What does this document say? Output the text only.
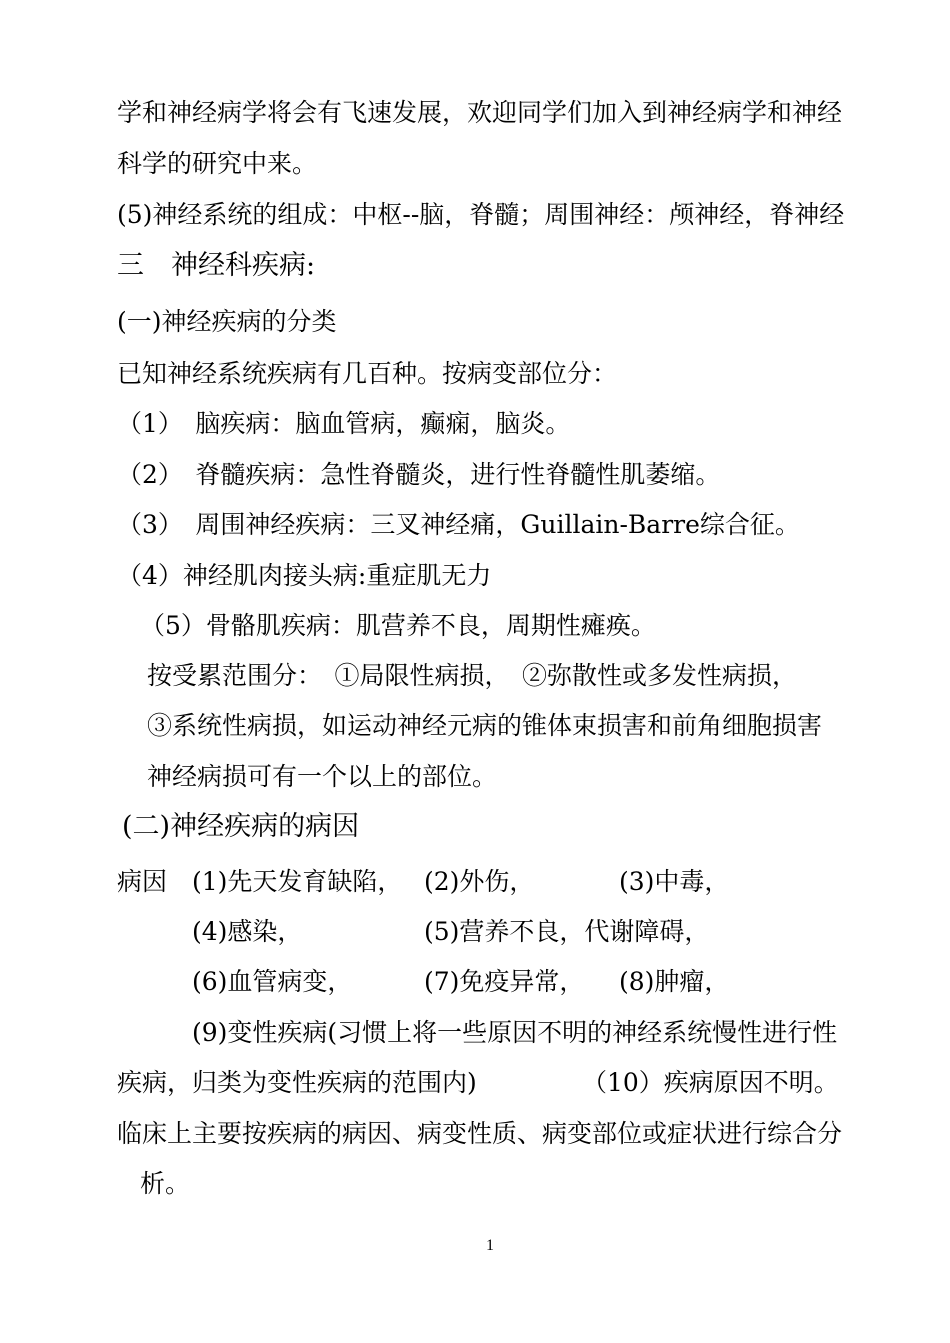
学和神经病学将会有飞速发展，欢迎同学们加入到神经病学和神经
科学的研究中来。
(5)神经系统的组成：中枢--脑，脊髓；周围神经：颅神经，脊神经
三　神经科疾病:
(一)神经疾病的分类
已知神经系统疾病有几百种。按病变部位分：
（1）　脑疾病：脑血管病，癫痫，脑炎。
（2）　脊髓疾病：急性脊髓炎，进行性脊髓性肌萎缩。
（3）　周围神经疾病：三叉神经痛，Guillain-Barre综合征。
（4）神经肌肉接头病:重症肌无力
（5）骨骼肌疾病：肌营养不良，周期性瘫痪。
按受累范围分：　①局限性病损，　②弥散性或多发性病损，
③系统性病损，如运动神经元病的锥体束损害和前角细胞损害
神经病损可有一个以上的部位。
(二)神经疾病的病因
病因 (1)先天发育缺陷， (2)外伤，	(3)中毒，
(4)感染，	(5)营养不良，代谢障碍，
(6)血管病变，	(7)免疫异常， (8)肿瘤，
(9)变性疾病(习惯上将一些原因不明的神经系统慢性进行性
疾病，归类为变性疾病的范围内)	（10）疾病原因不明。
临床上主要按疾病的病因、病变性质、病变部位或症状进行综合分
析。
1
